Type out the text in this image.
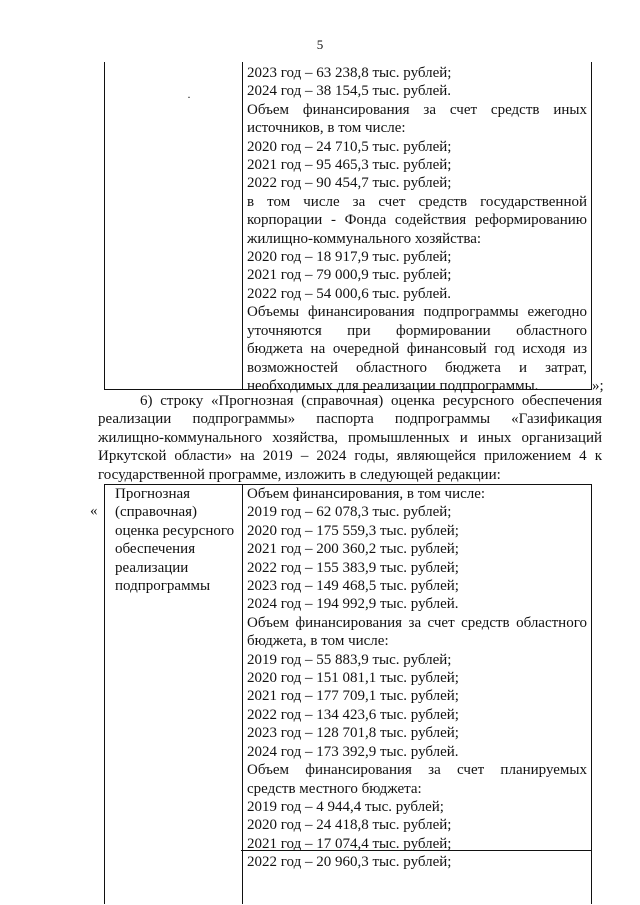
5
·
2023 год – 63 238,8 тыс. рублей;
2024 год – 38 154,5 тыс. рублей.
Объем финансирования за счет средств иных
источников, в том числе:
2020 год – 24 710,5 тыс. рублей;
2021 год – 95 465,3 тыс. рублей;
2022 год – 90 454,7 тыс. рублей;
в том числе за счет средств государственной
корпорации - Фонда содействия реформированию
жилищно-коммунального хозяйства:
2020 год – 18 917,9 тыс. рублей;
2021 год – 79 000,9 тыс. рублей;
2022 год – 54 000,6 тыс. рублей.
Объемы финансирования подпрограммы ежегодно
уточняются при формировании областного
бюджета на очередной финансовый год исходя из
возможностей областного бюджета и затрат,
необходимых для реализации подпрограммы.	»;
6) строку «Прогнозная (справочная) оценка ресурсного обеспечения
реализации подпрограммы» паспорта подпрограммы «Газификация
жилищно-коммунального хозяйства, промышленных и иных организаций
Иркутской области» на 2019 – 2024 годы, являющейся приложением 4 к
государственной программе, изложить в следующей редакции:
«
Прогнозная
(справочная)
оценка ресурсного
обеспечения
реализации
подпрограммы
Объем финансирования, в том числе:
2019 год – 62 078,3 тыс. рублей;
2020 год – 175 559,3 тыс. рублей;
2021 год – 200 360,2 тыс. рублей;
2022 год – 155 383,9 тыс. рублей;
2023 год – 149 468,5 тыс. рублей;
2024 год – 194 992,9 тыс. рублей.
Объем финансирования за счет средств областного
бюджета, в том числе:
2019 год – 55 883,9 тыс. рублей;
2020 год – 151 081,1 тыс. рублей;
2021 год – 177 709,1 тыс. рублей;
2022 год – 134 423,6 тыс. рублей;
2023 год – 128 701,8 тыс. рублей;
2024 год – 173 392,9 тыс. рублей.
Объем финансирования за счет планируемых
средств местного бюджета:
2019 год – 4 944,4 тыс. рублей;
2020 год – 24 418,8 тыс. рублей;
2021 год – 17 074,4 тыс. рублей;
2022 год – 20 960,3 тыс. рублей;
